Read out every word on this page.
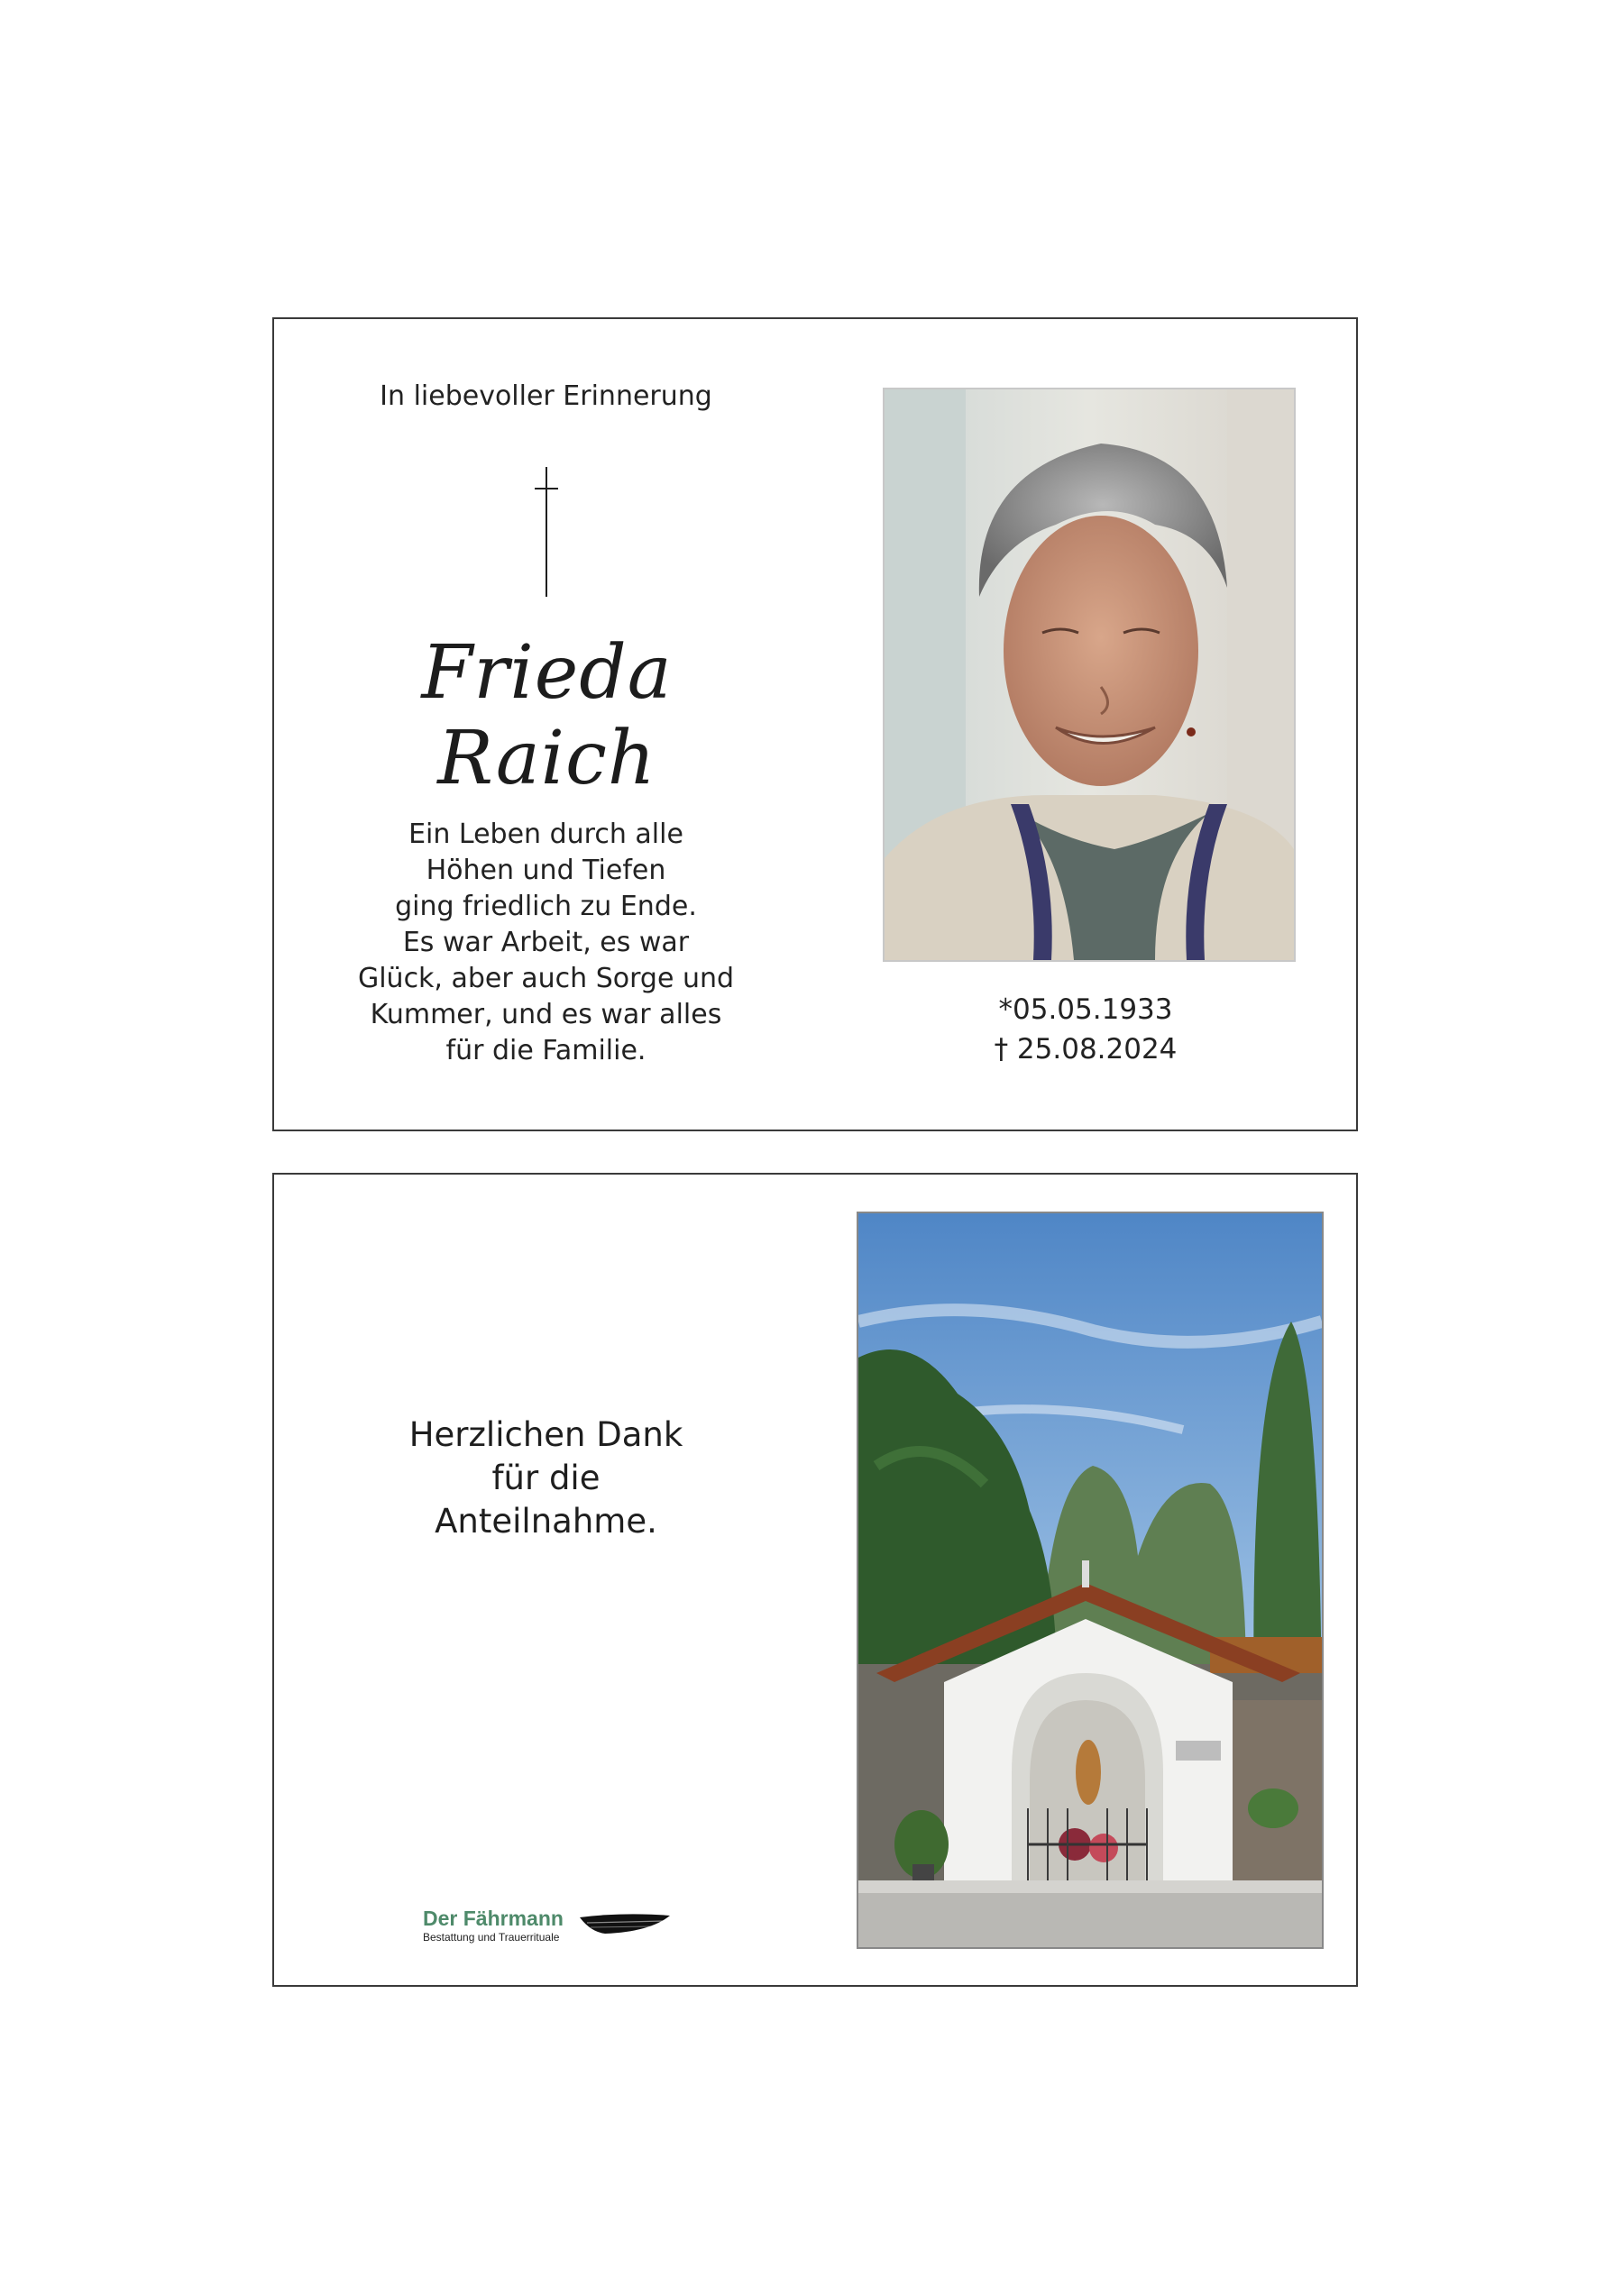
In liebevoller Erinnerung
Frieda Raich
Ein Leben durch alle
Höhen und Tiefen
ging friedlich zu Ende.
Es war Arbeit, es war
Glück, aber auch Sorge und
Kummer, und es war alles
für die Familie.
*05.05.1933
† 25.08.2024
Herzlichen Dank
für die
Anteilnahme.
Der Fährmann
Bestattung und Trauerrituale
